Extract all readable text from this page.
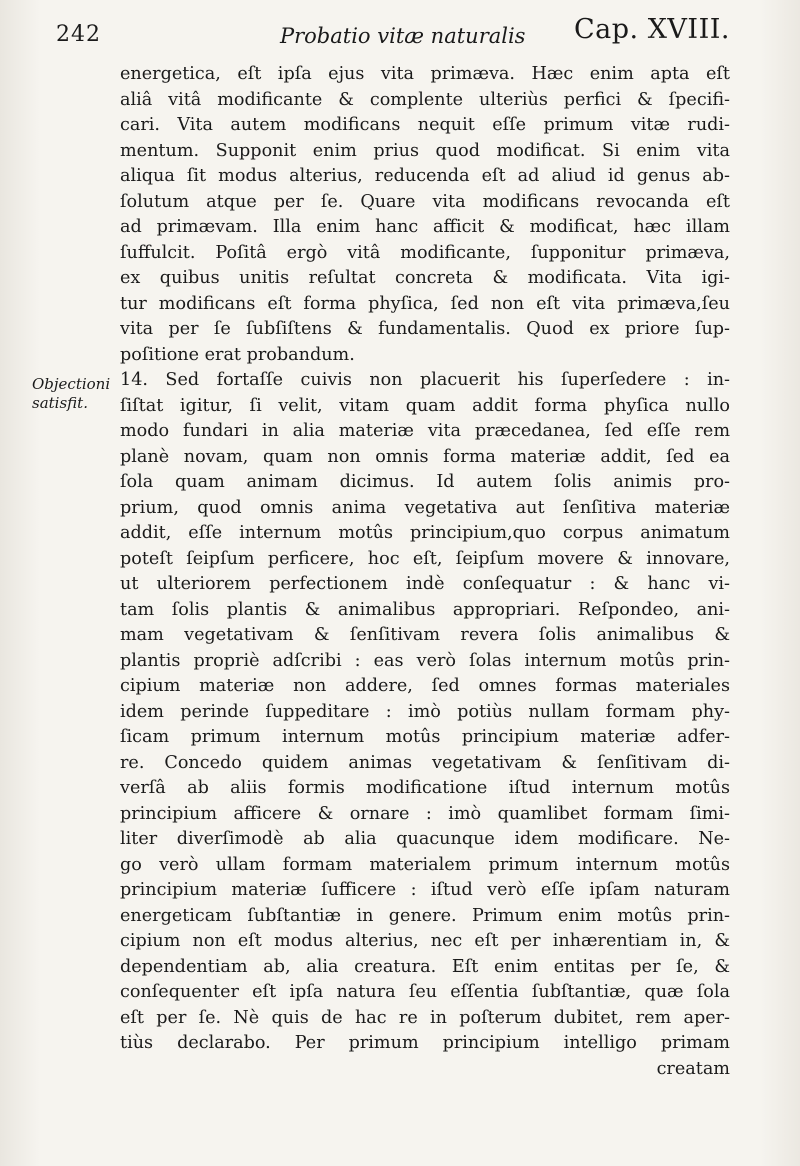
242	Probatio vitæ naturalis Cap. XVIII.
Objectioni
satisfit.
energetica, eſt ipſa ejus vita primæva. Hæc enim apta eſt
aliâ vitâ modificante & complente ulteriùs perfici & ſpecifi-
cari. Vita autem modificans nequit eſſe primum vitæ rudi-
mentum. Supponit enim prius quod modificat. Si enim vita
aliqua ſit modus alterius, reducenda eſt ad aliud id genus ab-
ſolutum atque per ſe. Quare vita modificans revocanda eſt
ad primævam. Illa enim hanc afficit & modificat, hæc illam
ſuffulcit. Poſitâ ergò vitâ modificante, ſupponitur primæva,
ex quibus unitis reſultat concreta & modificata. Vita igi-
tur modificans eſt forma phyſica, ſed non eſt vita primæva,ſeu
vita per ſe ſubſiſtens & fundamentalis. Quod ex priore ſup-
poſitione erat probandum.
14. Sed fortaſſe cuivis non placuerit his ſuperſedere : in-
ſiſtat igitur, ſi velit, vitam quam addit forma phyſica nullo
modo fundari in alia materiæ vita præcedanea, ſed eſſe rem
planè novam, quam non omnis forma materiæ addit, ſed ea
ſola quam animam dicimus. Id autem ſolis animis pro-
prium, quod omnis anima vegetativa aut ſenſitiva materiæ
addit, eſſe internum motûs principium,quo corpus animatum
poteſt ſeipſum perficere, hoc eſt, ſeipſum movere & innovare,
ut ulteriorem perfectionem indè conſequatur : & hanc vi-
tam ſolis plantis & animalibus appropriari. Reſpondeo, ani-
mam vegetativam & ſenſitivam revera ſolis animalibus &
plantis propriè adſcribi : eas verò ſolas internum motûs prin-
cipium materiæ non addere, ſed omnes formas materiales
idem perinde ſuppeditare : imò potiùs nullam formam phy-
ſicam primum internum motûs principium materiæ adfer-
re. Concedo quidem animas vegetativam & ſenſitivam di-
verſâ ab aliis formis modificatione iſtud internum motûs
principium afficere & ornare : imò quamlibet formam ſimi-
liter diverſimodè ab alia quacunque idem modificare. Ne-
go verò ullam formam materialem primum internum motûs
principium materiæ ſufficere : iſtud verò eſſe ipſam naturam
energeticam ſubſtantiæ in genere. Primum enim motûs prin-
cipium non eſt modus alterius, nec eſt per inhærentiam in, &
dependentiam ab, alia creatura. Eſt enim entitas per ſe, &
conſequenter eſt ipſa natura ſeu eſſentia ſubſtantiæ, quæ ſola
eſt per ſe. Nè quis de hac re in poſterum dubitet, rem aper-
tiùs declarabo. Per primum principium intelligo primam
creatam
